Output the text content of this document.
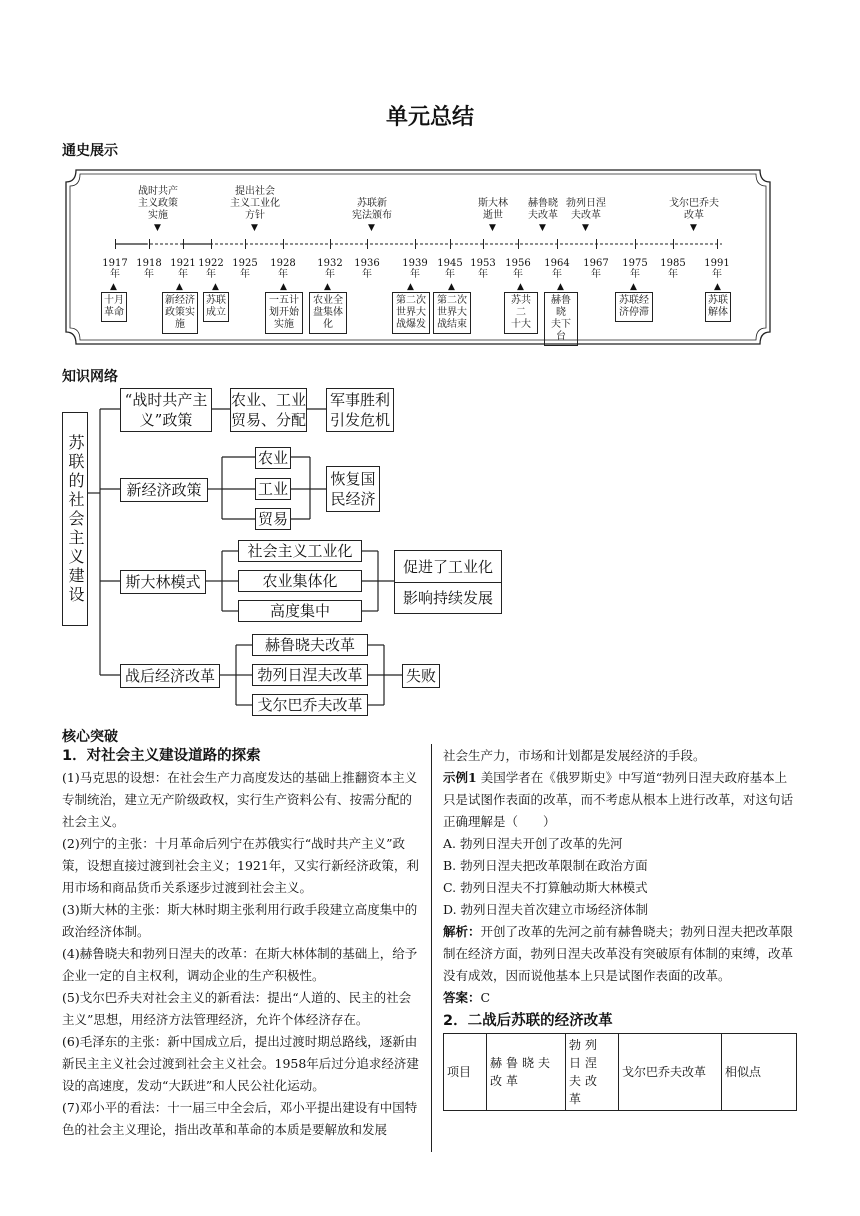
单元总结
通史展示
1917
年
1918
年
1921
年
1922
年
1925
年
1928
年
1932
年
1936
年
1939
年
1945
年
1953
年
1956
年
1964
年
1967
年
1975
年
1985
年
1991
年
战时共产
主义政策
实施
▼
提出社会
主义工业化
方针
▼
苏联新
宪法颁布
▼
斯大林
逝世
▼
赫鲁晓
夫改革
▼
勃列日涅
夫改革
▼
戈尔巴乔夫
改革
▼
十月
革命
▲
新经济
政策实
施
▲
苏联
成立
▲
一五计
划开始
实施
▲
农业全
盘集体
化
▲
第二次
世界大
战爆发
▲
第二次
世界大
战结束
▲
苏共二
十大
▲
赫鲁晓
夫下台
▲
苏联经
济停滞
▲
苏联
解体
▲
知识网络
苏联的社会主义建设
“战时共产主义”政策
农业、工业贸易、分配
军事胜利引发危机
新经济政策
农业
工业
贸易
恢复国民经济
斯大林模式
社会主义工业化
农业集体化
高度集中
促进了工业化
影响持续发展
战后经济改革
赫鲁晓夫改革
勃列日涅夫改革
戈尔巴乔夫改革
失败
核心突破
1．对社会主义建设道路的探索

(1)马克思的设想：在社会生产力高度发达的基础上推翻资本主义专制统治，建立无产阶级政权，实行生产资料公有、按需分配的社会主义。

(2)列宁的主张：十月革命后列宁在苏俄实行“战时共产主义”政策，设想直接过渡到社会主义；1921年，又实行新经济政策，利用市场和商品货币关系逐步过渡到社会主义。

(3)斯大林的主张：斯大林时期主张利用行政手段建立高度集中的政治经济体制。

(4)赫鲁晓夫和勃列日涅夫的改革：在斯大林体制的基础上，给予企业一定的自主权利，调动企业的生产积极性。

(5)戈尔巴乔夫对社会主义的新看法：提出“人道的、民主的社会主义”思想，用经济方法管理经济，允许个体经济存在。

(6)毛泽东的主张：新中国成立后，提出过渡时期总路线，逐新由新民主主义社会过渡到社会主义社会。1958年后过分追求经济建设的高速度，发动“大跃进”和人民公社化运动。

(7)邓小平的看法：十一届三中全会后，邓小平提出建设有中国特色的社会主义理论，指出改革和革命的本质是要解放和发展

社会生产力，市场和计划都是发展经济的手段。

示例1 美国学者在《俄罗斯史》中写道“勃列日涅夫政府基本上只是试图作表面的改革，而不考虑从根本上进行改革，对这句话正确理解是（　　）

A. 勃列日涅夫开创了改革的先河

B. 勃列日涅夫把改革限制在政治方面

C. 勃列日涅夫不打算触动斯大林模式

D. 勃列日涅夫首次建立市场经济体制

解析：开创了改革的先河之前有赫鲁晓夫；勃列日涅夫把改革限制在经济方面，勃列日涅夫改革没有突破原有体制的束缚，改革没有成效，因而说他基本上只是试图作表面的改革。

答案：C

2．二战后苏联的经济改革
项目	赫鲁晓夫改革	勃列日涅夫改革	戈尔巴乔夫改革	相似点
